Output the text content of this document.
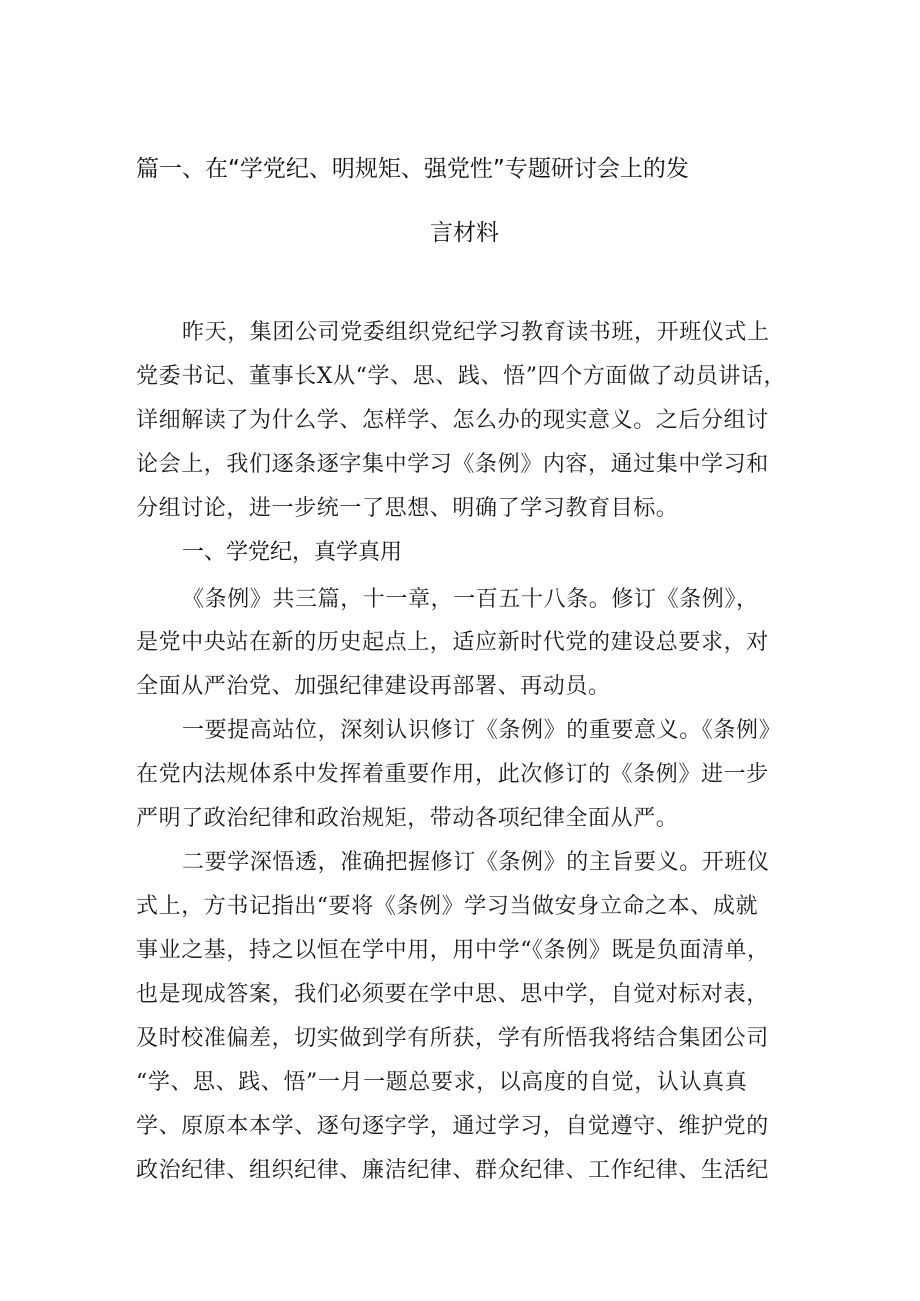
篇一、在“学党纪、明规矩、强党性”专题研讨会上的发
言材料
昨天，集团公司党委组织党纪学习教育读书班，开班仪式上
党委书记、董事长X从“学、思、践、悟”四个方面做了动员讲话，
详细解读了为什么学、怎样学、怎么办的现实意义。之后分组讨
论会上，我们逐条逐字集中学习《条例》内容，通过集中学习和
分组讨论，进一步统一了思想、明确了学习教育目标。
一、学党纪，真学真用
《条例》共三篇，十一章，一百五十八条。修订《条例》，
是党中央站在新的历史起点上，适应新时代党的建设总要求，对
全面从严治党、加强纪律建设再部署、再动员。
一要提高站位，深刻认识修订《条例》的重要意义。《条例》
在党内法规体系中发挥着重要作用，此次修订的《条例》进一步
严明了政治纪律和政治规矩，带动各项纪律全面从严。
二要学深悟透，准确把握修订《条例》的主旨要义。开班仪
式上，方书记指出“要将《条例》学习当做安身立命之本、成就
事业之基，持之以恒在学中用，用中学“《条例》既是负面清单，
也是现成答案，我们必须要在学中思、思中学，自觉对标对表，
及时校准偏差，切实做到学有所获，学有所悟我将结合集团公司
“学、思、践、悟”一月一题总要求，以高度的自觉，认认真真
学、原原本本学、逐句逐字学，通过学习，自觉遵守、维护党的
政治纪律、组织纪律、廉洁纪律、群众纪律、工作纪律、生活纪
